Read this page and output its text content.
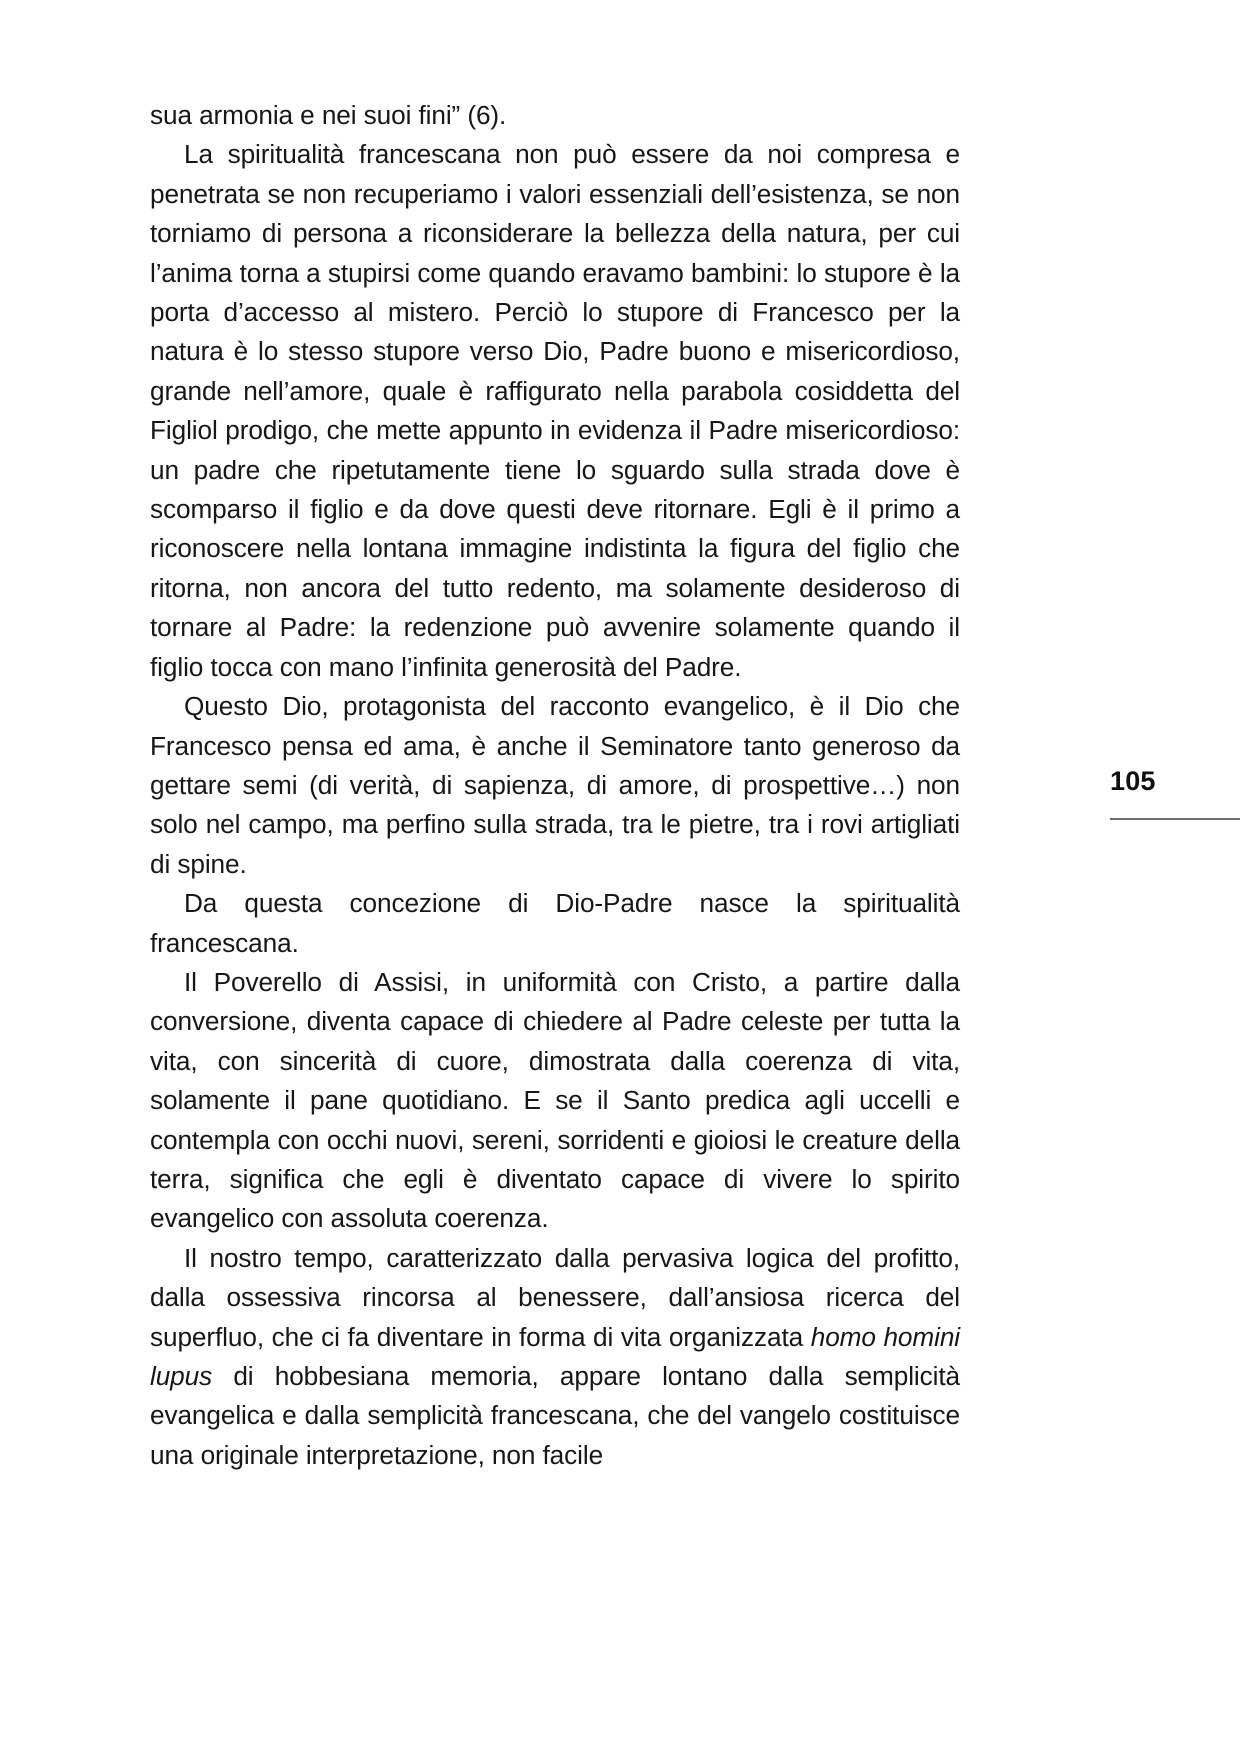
sua armonia e nei suoi fini” (6).

La spiritualità francescana non può essere da noi compresa e penetrata se non recuperiamo i valori essenziali dell’esistenza, se non torniamo di persona a riconsiderare la bellezza della natura, per cui l’anima torna a stupirsi come quando eravamo bambini: lo stupore è la porta d’accesso al mistero. Perciò lo stupore di Francesco per la natura è lo stesso stupore verso Dio, Padre buono e misericordioso, grande nell’amore, quale è raffigurato nella parabola cosiddetta del Figliol prodigo, che mette appunto in evidenza il Padre misericordioso: un padre che ripetutamente tiene lo sguardo sulla strada dove è scomparso il figlio e da dove questi deve ritornare. Egli è il primo a riconoscere nella lontana immagine indistinta la figura del figlio che ritorna, non ancora del tutto redento, ma solamente desideroso di tornare al Padre: la redenzione può avvenire solamente quando il figlio tocca con mano l’infinita generosità del Padre.

Questo Dio, protagonista del racconto evangelico, è il Dio che Francesco pensa ed ama, è anche il Seminatore tanto generoso da gettare semi (di verità, di sapienza, di amore, di prospettive…) non solo nel campo, ma perfino sulla strada, tra le pietre, tra i rovi artigliati di spine.

Da questa concezione di Dio-Padre nasce la spiritualità francescana.

Il Poverello di Assisi, in uniformità con Cristo, a partire dalla conversione, diventa capace di chiedere al Padre celeste per tutta la vita, con sincerità di cuore, dimostrata dalla coerenza di vita, solamente il pane quotidiano. E se il Santo predica agli uccelli e contempla con occhi nuovi, sereni, sorridenti e gioiosi le creature della terra, significa che egli è diventato capace di vivere lo spirito evangelico con assoluta coerenza.

Il nostro tempo, caratterizzato dalla pervasiva logica del profitto, dalla ossessiva rincorsa al benessere, dall’ansiosa ricerca del superfluo, che ci fa diventare in forma di vita organizzata homo homini lupus di hobbesiana memoria, appare lontano dalla semplicità evangelica e dalla semplicità francescana, che del vangelo costituisce una originale interpretazione, non facile

105
